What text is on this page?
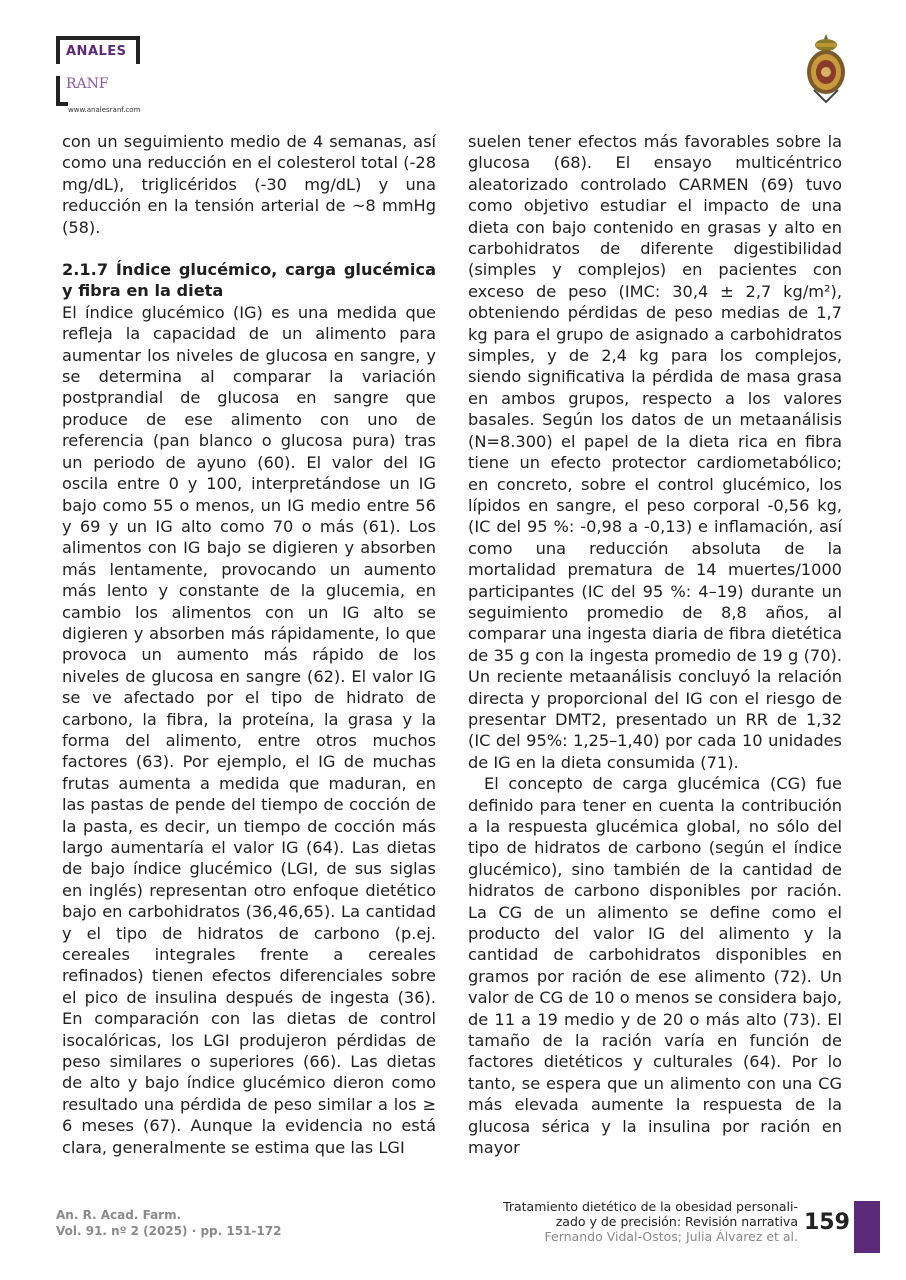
ANALES
RANF
www.analesranf.com

con un seguimiento medio de 4 semanas, así como una reducción en el colesterol total (-28 mg/dL), triglicéridos (-30 mg/dL) y una reducción en la tensión arterial de ~8 mmHg (58).

2.1.7 Índice glucémico, carga glucémica y fibra en la dieta

El índice glucémico (IG) es una medida que refleja la capacidad de un alimento para aumentar los niveles de glucosa en sangre, y se determina al comparar la variación postprandial de glucosa en sangre que produce de ese alimento con uno de referencia (pan blanco o glucosa pura) tras un periodo de ayuno (60). El valor del IG oscila entre 0 y 100, interpretándose un IG bajo como 55 o menos, un IG medio entre 56 y 69 y un IG alto como 70 o más (61). Los alimentos con IG bajo se digieren y absorben más lentamente, provocando un aumento más lento y constante de la glucemia, en cambio los alimentos con un IG alto se digieren y absorben más rápidamente, lo que provoca un aumento más rápido de los niveles de glucosa en sangre (62). El valor IG se ve afectado por el tipo de hidrato de carbono, la fibra, la proteína, la grasa y la forma del alimento, entre otros muchos factores (63). Por ejemplo, el IG de muchas frutas aumenta a medida que maduran, en las pastas de pende del tiempo de cocción de la pasta, es decir, un tiempo de cocción más largo aumentaría el valor IG (64). Las dietas de bajo índice glucémico (LGI, de sus siglas en inglés) representan otro enfoque dietético bajo en carbohidratos (36,46,65). La cantidad y el tipo de hidratos de carbono (p.ej. cereales integrales frente a cereales refinados) tienen efectos diferenciales sobre el pico de insulina después de ingesta (36). En comparación con las dietas de control isocalóricas, los LGI produjeron pérdidas de peso similares o superiores (66). Las dietas de alto y bajo índice glucémico dieron como resultado una pérdida de peso similar a los ≥ 6 meses (67). Aunque la evidencia no está clara, generalmente se estima que las LGI

suelen tener efectos más favorables sobre la glucosa (68). El ensayo multicéntrico aleatorizado controlado CARMEN (69) tuvo como objetivo estudiar el impacto de una dieta con bajo contenido en grasas y alto en carbohidratos de diferente digestibilidad (simples y complejos) en pacientes con exceso de peso (IMC: 30,4 ± 2,7 kg/m²), obteniendo pérdidas de peso medias de 1,7 kg para el grupo de asignado a carbohidratos simples, y de 2,4 kg para los complejos, siendo significativa la pérdida de masa grasa en ambos grupos, respecto a los valores basales. Según los datos de un metaanálisis (N=8.300) el papel de la dieta rica en fibra tiene un efecto protector cardiometabólico; en concreto, sobre el control glucémico, los lípidos en sangre, el peso corporal -0,56 kg, (IC del 95 %: -0,98 a -0,13) e inflamación, así como una reducción absoluta de la mortalidad prematura de 14 muertes/1000 participantes (IC del 95 %: 4–19) durante un seguimiento promedio de 8,8 años, al comparar una ingesta diaria de fibra dietética de 35 g con la ingesta promedio de 19 g (70). Un reciente metaanálisis concluyó la relación directa y proporcional del IG con el riesgo de presentar DMT2, presentado un RR de 1,32 (IC del 95%: 1,25–1,40) por cada 10 unidades de IG en la dieta consumida (71).

El concepto de carga glucémica (CG) fue definido para tener en cuenta la contribución a la respuesta glucémica global, no sólo del tipo de hidratos de carbono (según el índice glucémico), sino también de la cantidad de hidratos de carbono disponibles por ración. La CG de un alimento se define como el producto del valor IG del alimento y la cantidad de carbohidratos disponibles en gramos por ración de ese alimento (72). Un valor de CG de 10 o menos se considera bajo, de 11 a 19 medio y de 20 o más alto (73). El tamaño de la ración varía en función de factores dietéticos y culturales (64). Por lo tanto, se espera que un alimento con una CG más elevada aumente la respuesta de la glucosa sérica y la insulina por ración en mayor

An. R. Acad. Farm.
Vol. 91. nº 2 (2025) · pp. 151-172
Tratamiento dietético de la obesidad personali-
zado y de precisión: Revisión narrativa
Fernando Vidal-Ostos; Julia Álvarez et al.
159
